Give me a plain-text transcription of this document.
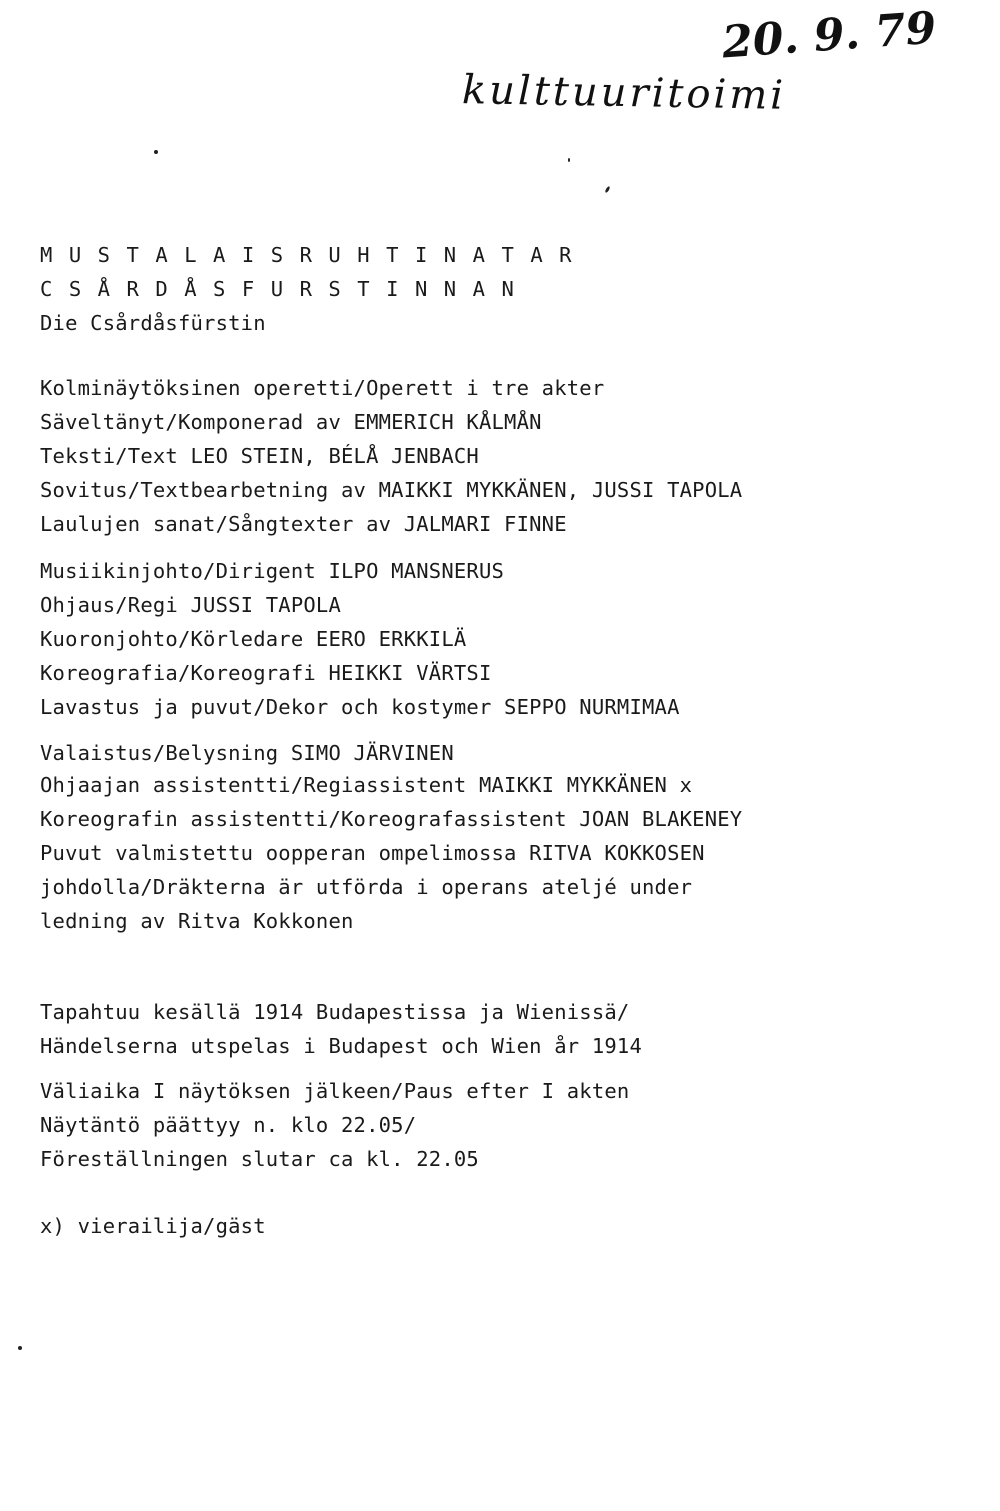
20. 9. 79
kulttuuritoimi
MUSTALAISRUHTINATAR
CSÅRDÅSFURSTINNAN
Die Csårdåsfürstin
Kolminäytöksinen operetti/Operett i tre akter
Säveltänyt/Komponerad av EMMERICH KÅLMÅN
Teksti/Text LEO STEIN, BÉLÅ JENBACH
Sovitus/Textbearbetning av MAIKKI MYKKÄNEN, JUSSI TAPOLA
Laulujen sanat/Sångtexter av JALMARI FINNE
Musiikinjohto/Dirigent ILPO MANSNERUS
Ohjaus/Regi JUSSI TAPOLA
Kuoronjohto/Körledare EERO ERKKILÄ
Koreografia/Koreografi HEIKKI VÄRTSI
Lavastus ja puvut/Dekor och kostymer SEPPO NURMIMAA
Valaistus/Belysning SIMO JÄRVINEN
Ohjaajan assistentti/Regiassistent MAIKKI MYKKÄNEN x
Koreografin assistentti/Koreografassistent JOAN BLAKENEY
Puvut valmistettu oopperan ompelimossa RITVA KOKKOSEN
johdolla/Dräkterna är utförda i operans ateljé under
ledning av Ritva Kokkonen
Tapahtuu kesällä 1914 Budapestissa ja Wienissä/
Händelserna utspelas i Budapest och Wien år 1914
Väliaika I näytöksen jälkeen/Paus efter I akten
Näytäntö päättyy n. klo 22.05/
Föreställningen slutar ca kl. 22.05
x) vierailija/gäst
